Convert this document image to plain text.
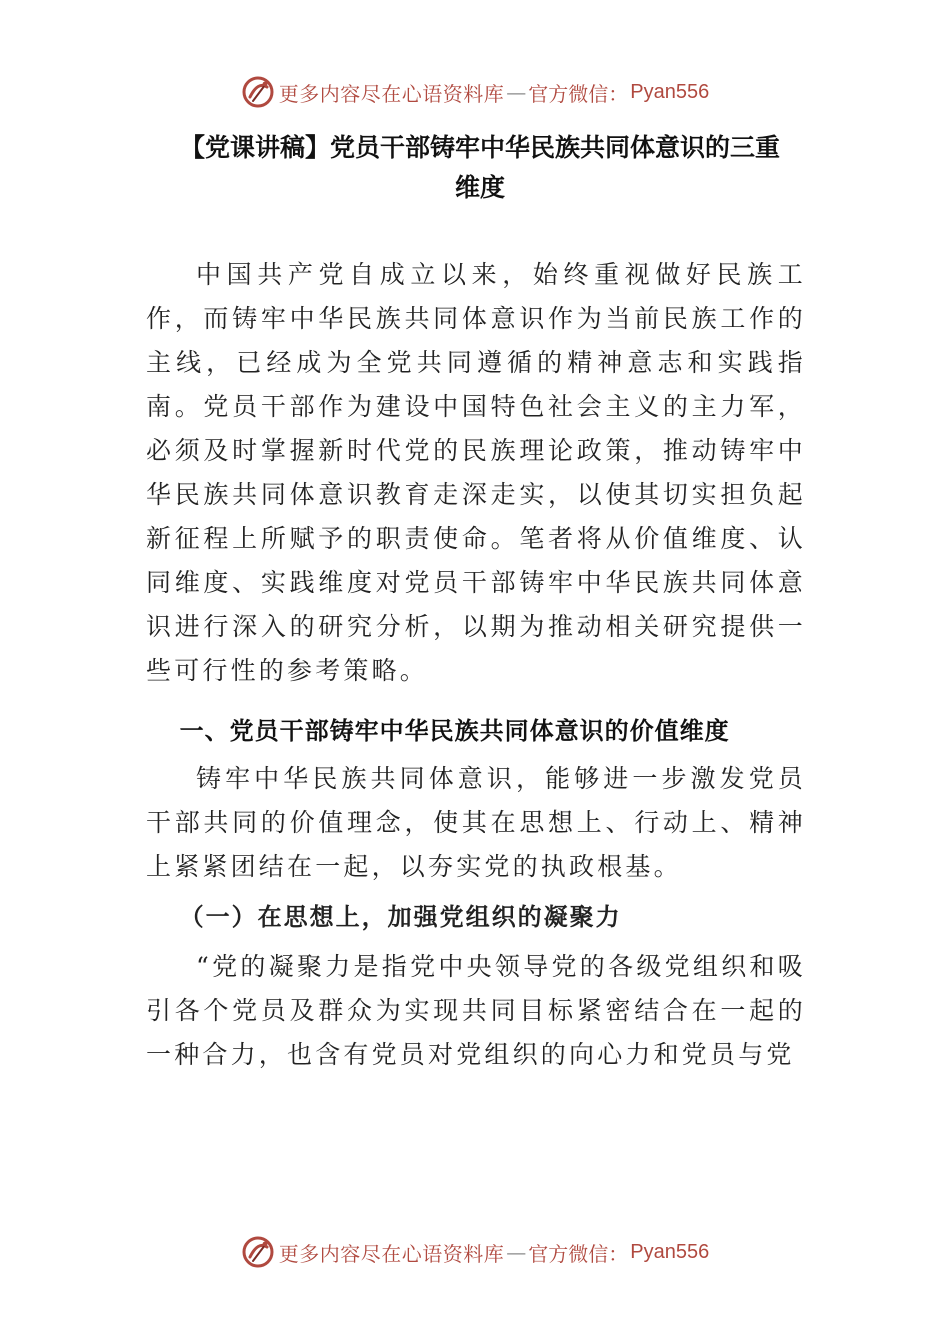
更多内容尽在心语资料库 — 官方微信： Pyan556
【党课讲稿】党员干部铸牢中华民族共同体意识的三重
维度

中国共产党自成立以来，始终重视做好民族工作，而铸牢中华民族共同体意识作为当前民族工作的主线，已经成为全党共同遵循的精神意志和实践指南。党员干部作为建设中国特色社会主义的主力军，必须及时掌握新时代党的民族理论政策，推动铸牢中华民族共同体意识教育走深走实，以使其切实担负起新征程上所赋予的职责使命。笔者将从价值维度、认同维度、实践维度对党员干部铸牢中华民族共同体意识进行深入的研究分析，以期为推动相关研究提供一些可行性的参考策略。

一、党员干部铸牢中华民族共同体意识的价值维度

铸牢中华民族共同体意识，能够进一步激发党员干部共同的价值理念，使其在思想上、行动上、精神上紧紧团结在一起，以夯实党的执政根基。

（一）在思想上，加强党组织的凝聚力

“党的凝聚力是指党中央领导党的各级党组织和吸引各个党员及群众为实现共同目标紧密结合在一起的一种合力，也含有党员对党组织的向心力和党员与党

更多内容尽在心语资料库 — 官方微信： Pyan556
